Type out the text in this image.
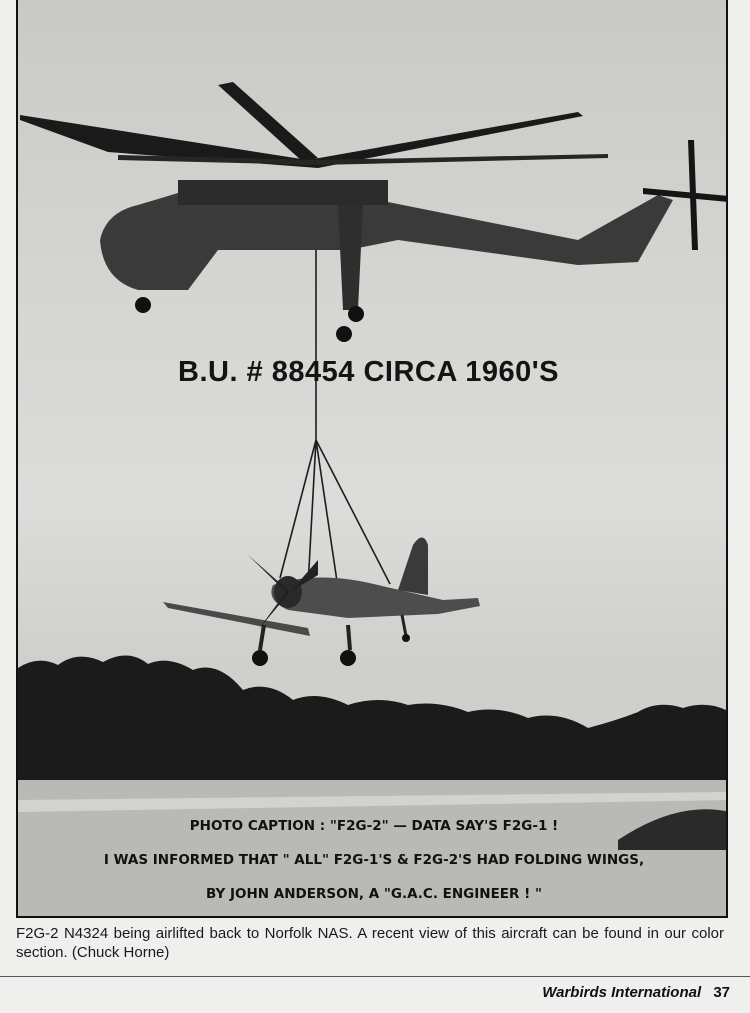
B.U. # 88454 CIRCA 1960'S
PHOTO CAPTION : "F2G-2" — DATA SAY'S F2G-1 !
I WAS INFORMED THAT " ALL" F2G-1'S & F2G-2'S HAD FOLDING WINGS,
BY JOHN ANDERSON, A "G.A.C. ENGINEER ! "
F2G-2 N4324 being airlifted back to Norfolk NAS. A recent view of this aircraft can be found in our color section. (Chuck Horne)
Warbirds International 37
